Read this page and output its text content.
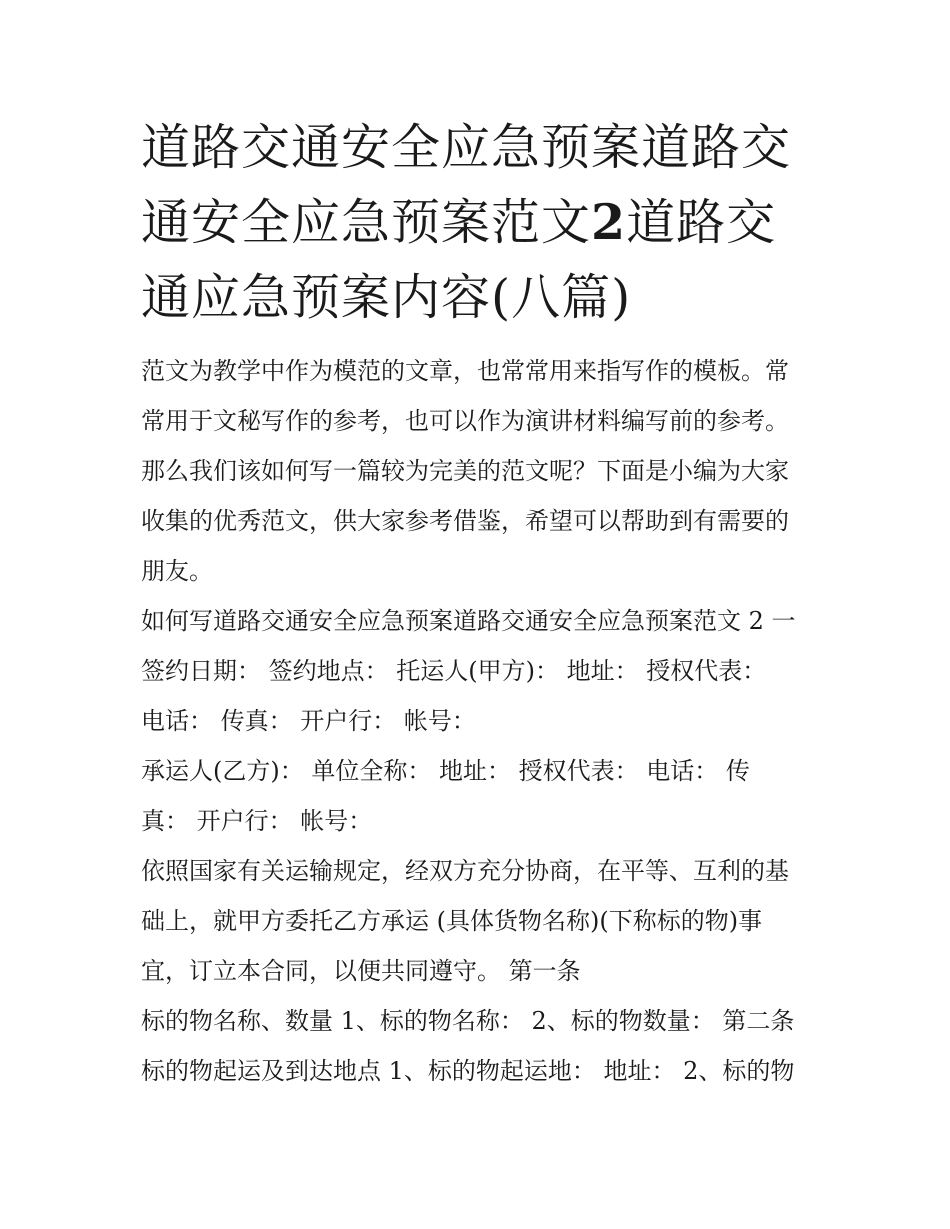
道路交通安全应急预案道路交
通安全应急预案范文2道路交
通应急预案内容(八篇)

范文为教学中作为模范的文章，也常常用来指写作的模板。常

常用于文秘写作的参考，也可以作为演讲材料编写前的参考。

那么我们该如何写一篇较为完美的范文呢？下面是小编为大家

收集的优秀范文，供大家参考借鉴，希望可以帮助到有需要的

朋友。

如何写道路交通安全应急预案道路交通安全应急预案范文 2 一

签约日期： 签约地点： 托运人(甲方)： 地址： 授权代表：

电话： 传真： 开户行： 帐号：

承运人(乙方)： 单位全称： 地址： 授权代表： 电话： 传

真： 开户行： 帐号：

依照国家有关运输规定，经双方充分协商，在平等、互利的基

础上，就甲方委托乙方承运 (具体货物名称)(下称标的物)事

宜，订立本合同，以便共同遵守。 第一条

标的物名称、数量 1、标的物名称： 2、标的物数量： 第二条

标的物起运及到达地点 1、标的物起运地： 地址： 2、标的物
